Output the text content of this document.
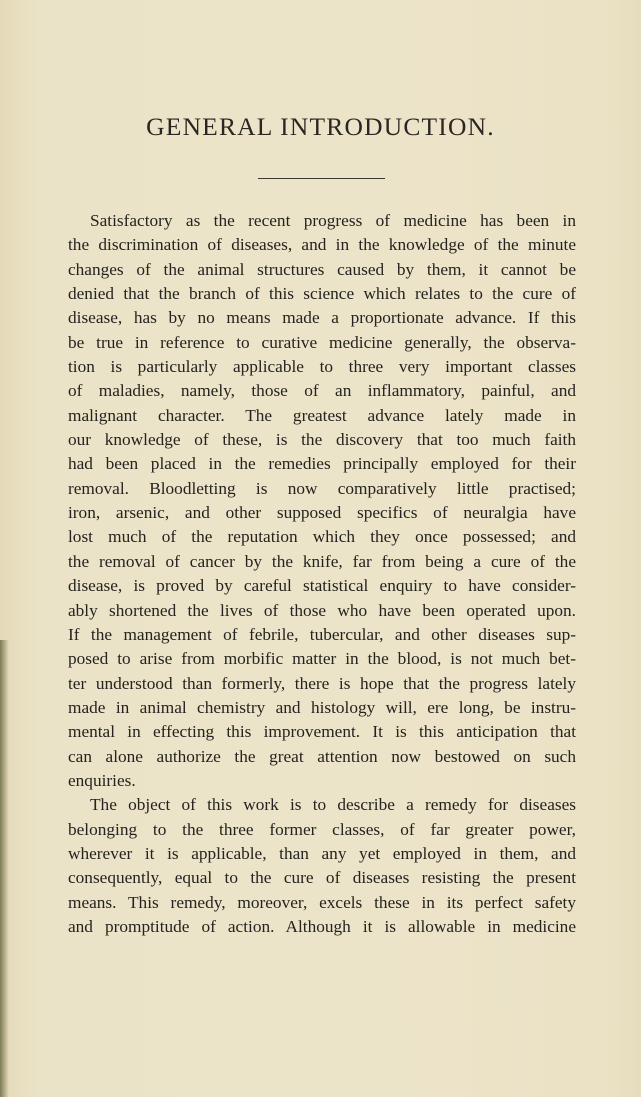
GENERAL INTRODUCTION.
Satisfactory as the recent progress of medicine has been in
the discrimination of diseases, and in the knowledge of the minute
changes of the animal structures caused by them, it cannot be
denied that the branch of this science which relates to the cure of
disease, has by no means made a proportionate advance. If this
be true in reference to curative medicine generally, the observa-
tion is particularly applicable to three very important classes
of maladies, namely, those of an inflammatory, painful, and
malignant character. The greatest advance lately made in
our knowledge of these, is the discovery that too much faith
had been placed in the remedies principally employed for their
removal. Bloodletting is now comparatively little practised;
iron, arsenic, and other supposed specifics of neuralgia have
lost much of the reputation which they once possessed; and
the removal of cancer by the knife, far from being a cure of the
disease, is proved by careful statistical enquiry to have consider-
ably shortened the lives of those who have been operated upon.
If the management of febrile, tubercular, and other diseases sup-
posed to arise from morbific matter in the blood, is not much bet-
ter understood than formerly, there is hope that the progress lately
made in animal chemistry and histology will, ere long, be instru-
mental in effecting this improvement. It is this anticipation that
can alone authorize the great attention now bestowed on such
enquiries.
The object of this work is to describe a remedy for diseases
belonging to the three former classes, of far greater power,
wherever it is applicable, than any yet employed in them, and
consequently, equal to the cure of diseases resisting the present
means. This remedy, moreover, excels these in its perfect safety
and promptitude of action. Although it is allowable in medicine
